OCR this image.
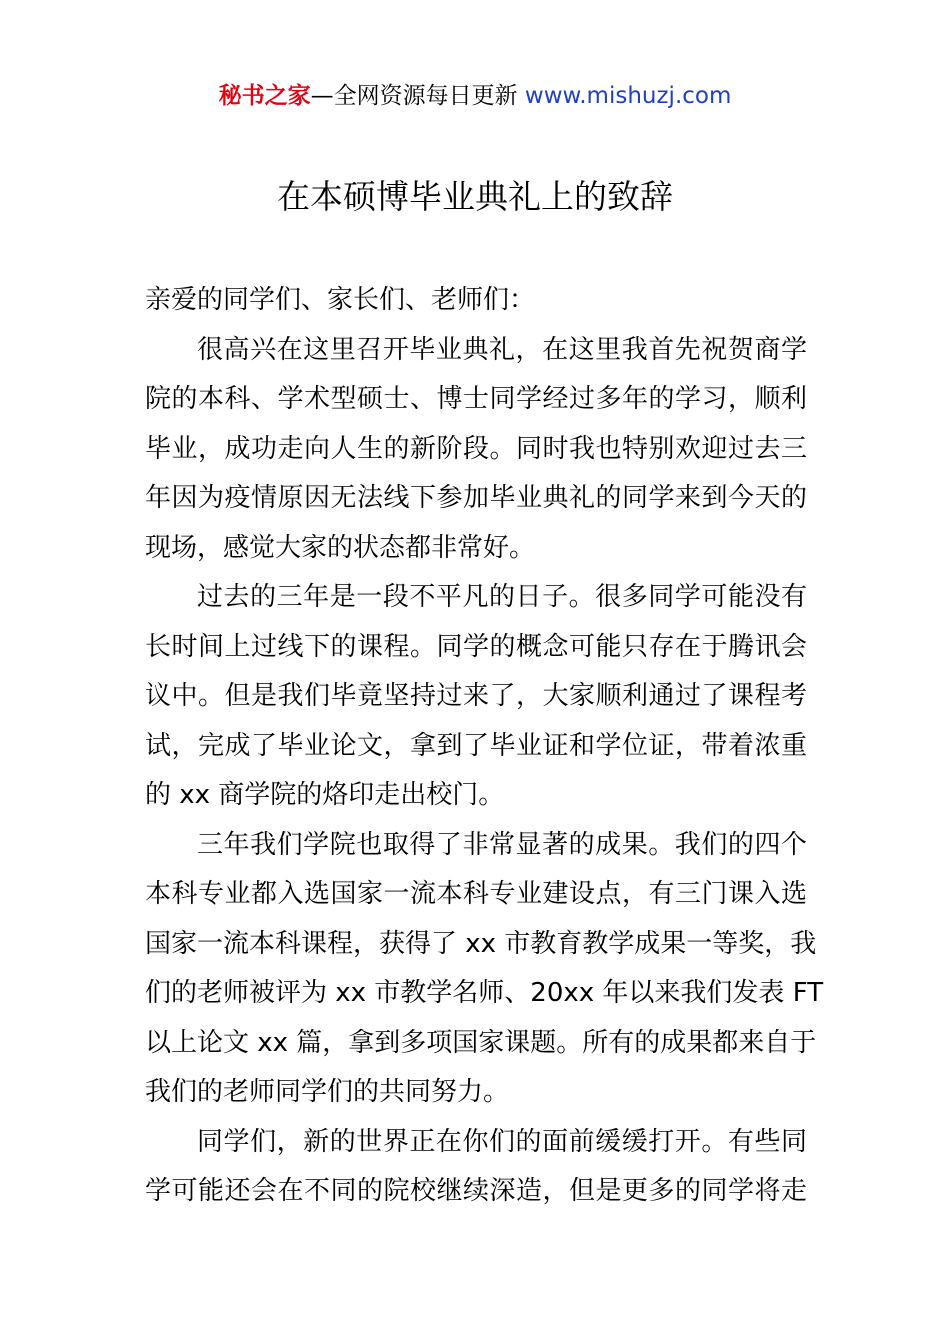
秘书之家—全网资源每日更新 www.mishuzj.com
在本硕博毕业典礼上的致辞
亲爱的同学们、家长们、老师们：
很高兴在这里召开毕业典礼，在这里我首先祝贺商学
院的本科、学术型硕士、博士同学经过多年的学习，顺利
毕业，成功走向人生的新阶段。同时我也特别欢迎过去三
年因为疫情原因无法线下参加毕业典礼的同学来到今天的
现场，感觉大家的状态都非常好。
过去的三年是一段不平凡的日子。很多同学可能没有
长时间上过线下的课程。同学的概念可能只存在于腾讯会
议中。但是我们毕竟坚持过来了，大家顺利通过了课程考
试，完成了毕业论文，拿到了毕业证和学位证，带着浓重
的 xx 商学院的烙印走出校门。
三年我们学院也取得了非常显著的成果。我们的四个
本科专业都入选国家一流本科专业建设点，有三门课入选
国家一流本科课程，获得了 xx 市教育教学成果一等奖，我
们的老师被评为 xx 市教学名师、20xx 年以来我们发表 FT
以上论文 xx 篇，拿到多项国家课题。所有的成果都来自于
我们的老师同学们的共同努力。
同学们，新的世界正在你们的面前缓缓打开。有些同
学可能还会在不同的院校继续深造，但是更多的同学将走
